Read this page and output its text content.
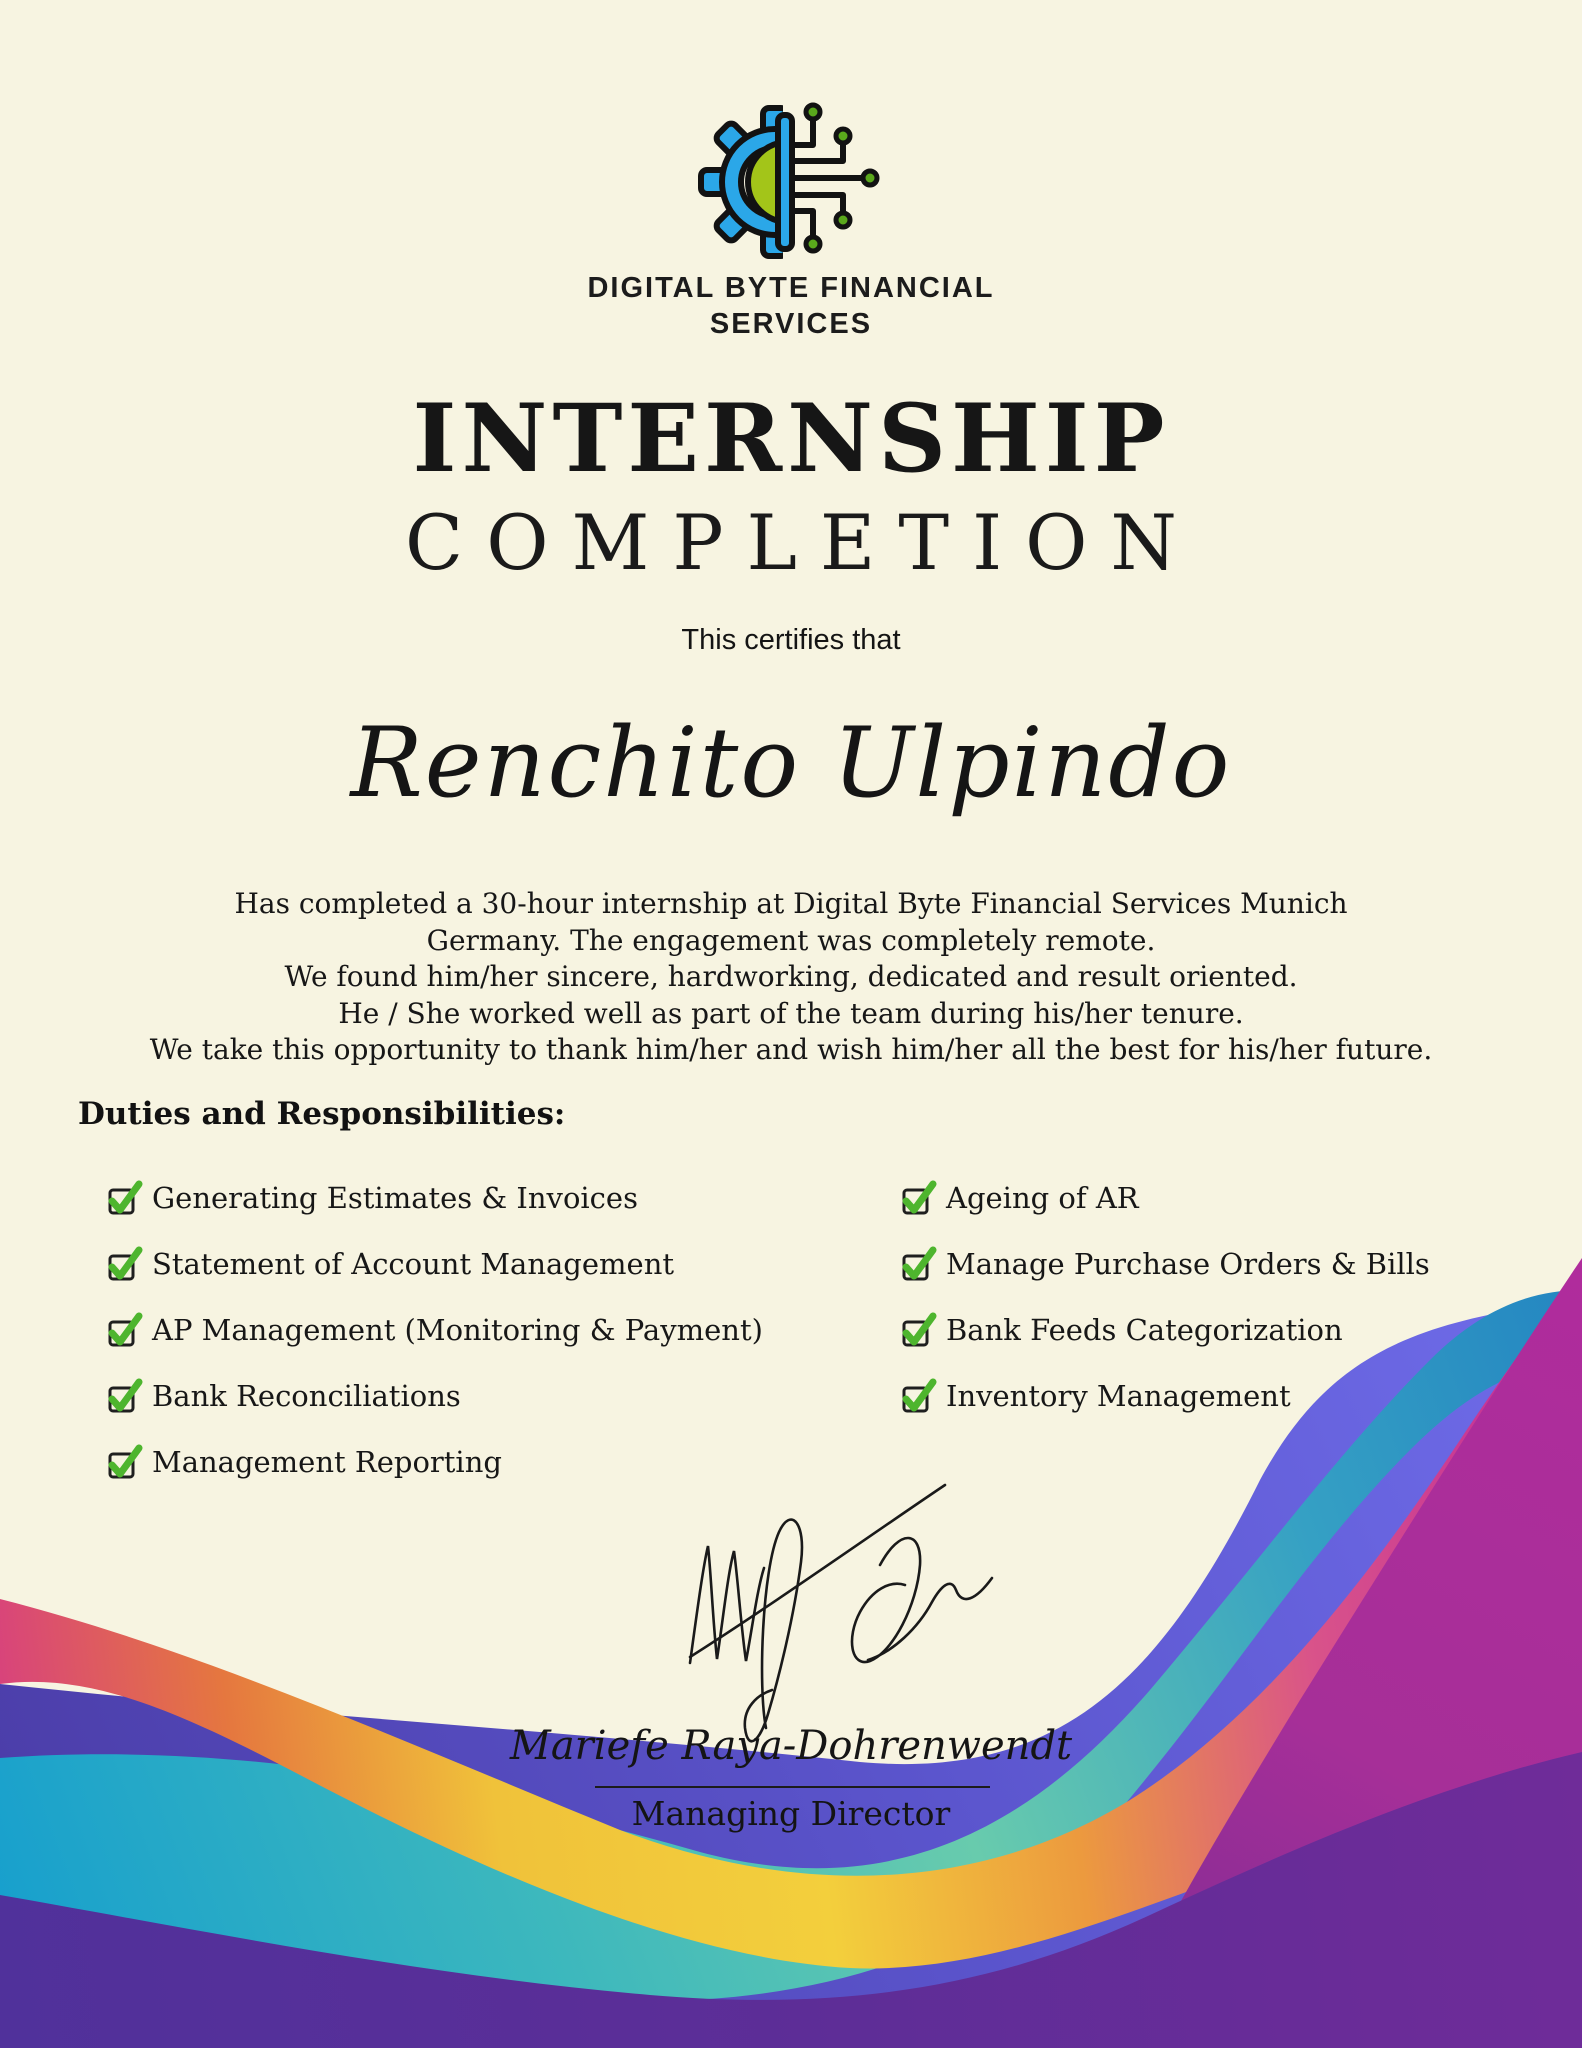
DIGITAL BYTE FINANCIAL
SERVICES
INTERNSHIP
COMPLETION
This certifies that
Renchito Ulpindo
Has completed a 30-hour internship at Digital Byte Financial Services Munich
Germany. The engagement was completely remote.
We found him/her sincere, hardworking, dedicated and result oriented.
He / She worked well as part of the team during his/her tenure.
We take this opportunity to thank him/her and wish him/her all the best for his/her future.
Duties and Responsibilities:
Generating Estimates & Invoices
Statement of Account Management
AP Management (Monitoring & Payment)
Bank Reconciliations
Management Reporting
Ageing of AR
Manage Purchase Orders & Bills
Bank Feeds Categorization
Inventory Management
Mariefe Raya-Dohrenwendt
Managing Director
